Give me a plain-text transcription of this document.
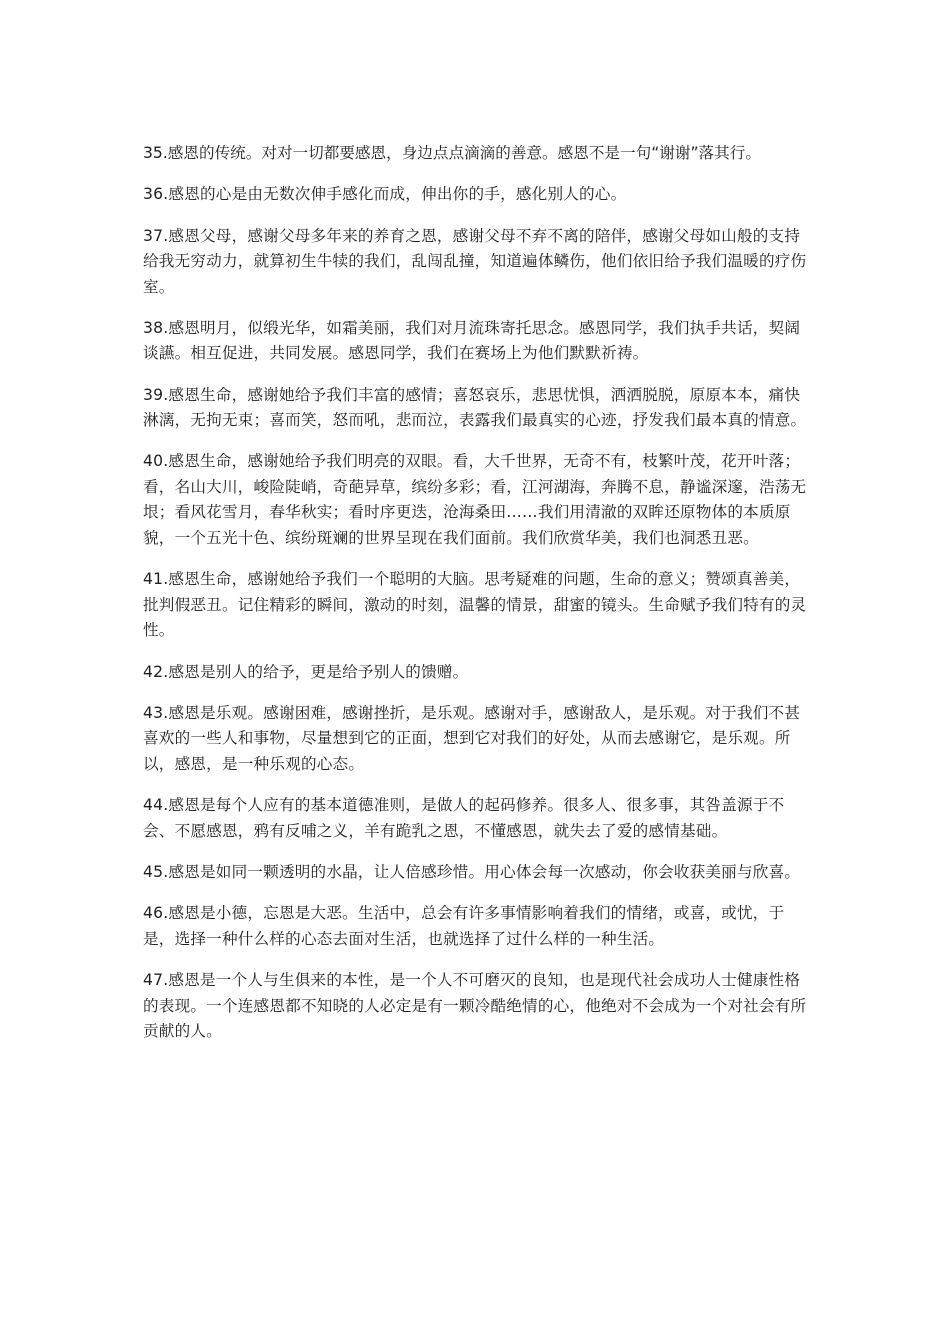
35.感恩的传统。对对一切都要感恩，身边点点滴滴的善意。感恩不是一句“谢谢”落其行。

36.感恩的心是由无数次伸手感化而成，伸出你的手，感化别人的心。

37.感恩父母，感谢父母多年来的养育之恩，感谢父母不弃不离的陪伴，感谢父母如山般的支持给我无穷动力，就算初生牛犊的我们，乱闯乱撞，知道遍体鳞伤，他们依旧给予我们温暖的疗伤室。

38.感恩明月，似缎光华，如霜美丽，我们对月流珠寄托思念。感恩同学，我们执手共话，契阔谈讌。相互促进，共同发展。感恩同学，我们在赛场上为他们默默祈祷。

39.感恩生命，感谢她给予我们丰富的感情；喜怒哀乐，悲思忧惧，洒洒脱脱，原原本本，痛快淋漓，无拘无束；喜而笑，怒而吼，悲而泣，表露我们最真实的心迹，抒发我们最本真的情意。

40.感恩生命，感谢她给予我们明亮的双眼。看，大千世界，无奇不有，枝繁叶茂，花开叶落；看，名山大川，峻险陡峭，奇葩异草，缤纷多彩；看，江河湖海，奔腾不息，静谧深邃，浩荡无垠；看风花雪月，春华秋实；看时序更迭，沧海桑田……我们用清澈的双眸还原物体的本质原貌，一个五光十色、缤纷斑斓的世界呈现在我们面前。我们欣赏华美，我们也洞悉丑恶。

41.感恩生命，感谢她给予我们一个聪明的大脑。思考疑难的问题，生命的意义；赞颂真善美，批判假恶丑。记住精彩的瞬间，激动的时刻，温馨的情景，甜蜜的镜头。生命赋予我们特有的灵性。

42.感恩是别人的给予，更是给予别人的馈赠。

43.感恩是乐观。感谢困难，感谢挫折，是乐观。感谢对手，感谢敌人，是乐观。对于我们不甚喜欢的一些人和事物，尽量想到它的正面，想到它对我们的好处，从而去感谢它，是乐观。所以，感恩，是一种乐观的心态。

44.感恩是每个人应有的基本道德准则，是做人的起码修养。很多人、很多事，其咎盖源于不会、不愿感恩，鸦有反哺之义，羊有跪乳之恩，不懂感恩，就失去了爱的感情基础。

45.感恩是如同一颗透明的水晶，让人倍感珍惜。用心体会每一次感动，你会收获美丽与欣喜。

46.感恩是小德，忘恩是大恶。生活中，总会有许多事情影响着我们的情绪，或喜，或忧，于是，选择一种什么样的心态去面对生活，也就选择了过什么样的一种生活。

47.感恩是一个人与生俱来的本性，是一个人不可磨灭的良知，也是现代社会成功人士健康性格的表现。一个连感恩都不知晓的人必定是有一颗冷酷绝情的心，他绝对不会成为一个对社会有所贡献的人。
